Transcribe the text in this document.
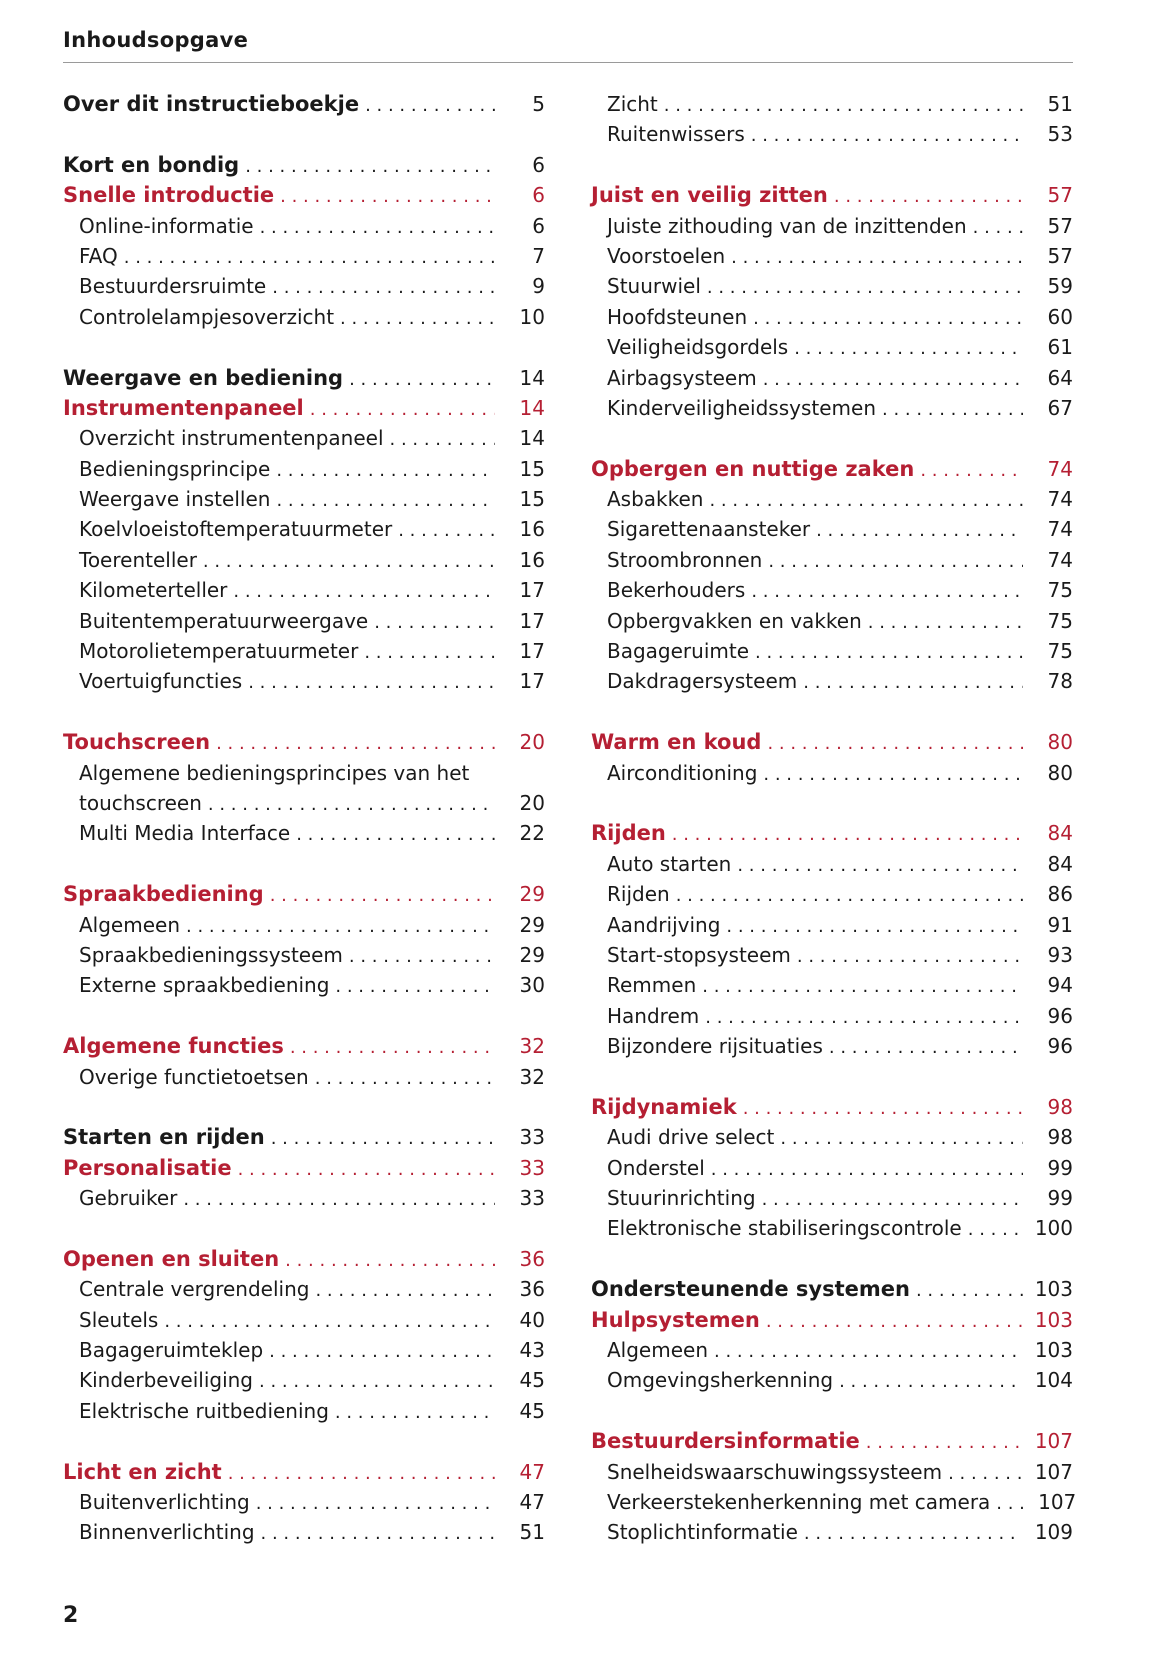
Inhoudsopgave
Over dit instructieboekje . . .	5
Kort en bondig . . .	6
Snelle introductie . . .	6
Online-informatie . . .	6
FAQ . . .	7
Bestuurdersruimte . . .	9
Controlelampjesoverzicht . . .	10
Weergave en bediening . . .	14
Instrumentenpaneel . . .	14
Overzicht instrumentenpaneel . . .	14
Bedieningsprincipe . . .	15
Weergave instellen . . .	15
Koelvloeistoftemperatuurmeter . . .	16
Toerenteller . . .	16
Kilometerteller . . .	17
Buitentemperatuurweergave . . .	17
Motorolietemperatuurmeter . . .	17
Voertuigfuncties . . .	17
Touchscreen . . .	20
Algemene bedieningsprincipes van het
touchscreen . . .	20
Multi Media Interface . . .	22
Spraakbediening . . .	29
Algemeen . . .	29
Spraakbedieningssysteem . . .	29
Externe spraakbediening . . .	30
Algemene functies . . .	32
Overige functietoetsen . . .	32
Starten en rijden . . .	33
Personalisatie . . .	33
Gebruiker . . .	33
Openen en sluiten . . .	36
Centrale vergrendeling . . .	36
Sleutels . . .	40
Bagageruimteklep . . .	43
Kinderbeveiliging . . .	45
Elektrische ruitbediening . . .	45
Licht en zicht . . .	47
Buitenverlichting . . .	47
Binnenverlichting . . .	51
Zicht . . .	51
Ruitenwissers . . .	53
Juist en veilig zitten . . .	57
Juiste zithouding van de inzittenden . . .	57
Voorstoelen . . .	57
Stuurwiel . . .	59
Hoofdsteunen . . .	60
Veiligheidsgordels . . .	61
Airbagsysteem . . .	64
Kinderveiligheidssystemen . . .	67
Opbergen en nuttige zaken . . .	74
Asbakken . . .	74
Sigarettenaansteker . . .	74
Stroombronnen . . .	74
Bekerhouders . . .	75
Opbergvakken en vakken . . .	75
Bagageruimte . . .	75
Dakdragersysteem . . .	78
Warm en koud . . .	80
Airconditioning . . .	80
Rijden . . .	84
Auto starten . . .	84
Rijden . . .	86
Aandrijving . . .	91
Start-stopsysteem . . .	93
Remmen . . .	94
Handrem . . .	96
Bijzondere rijsituaties . . .	96
Rijdynamiek . . .	98
Audi drive select . . .	98
Onderstel . . .	99
Stuurinrichting . . .	99
Elektronische stabiliseringscontrole . . .	100
Ondersteunende systemen . . .	103
Hulpsystemen . . .	103
Algemeen . . .	103
Omgevingsherkenning . . .	104
Bestuurdersinformatie . . .	107
Snelheidswaarschuwingssysteem . . .	107
Verkeerstekenherkenning met camera . . . 107
Stoplichtinformatie . . .	109
2
